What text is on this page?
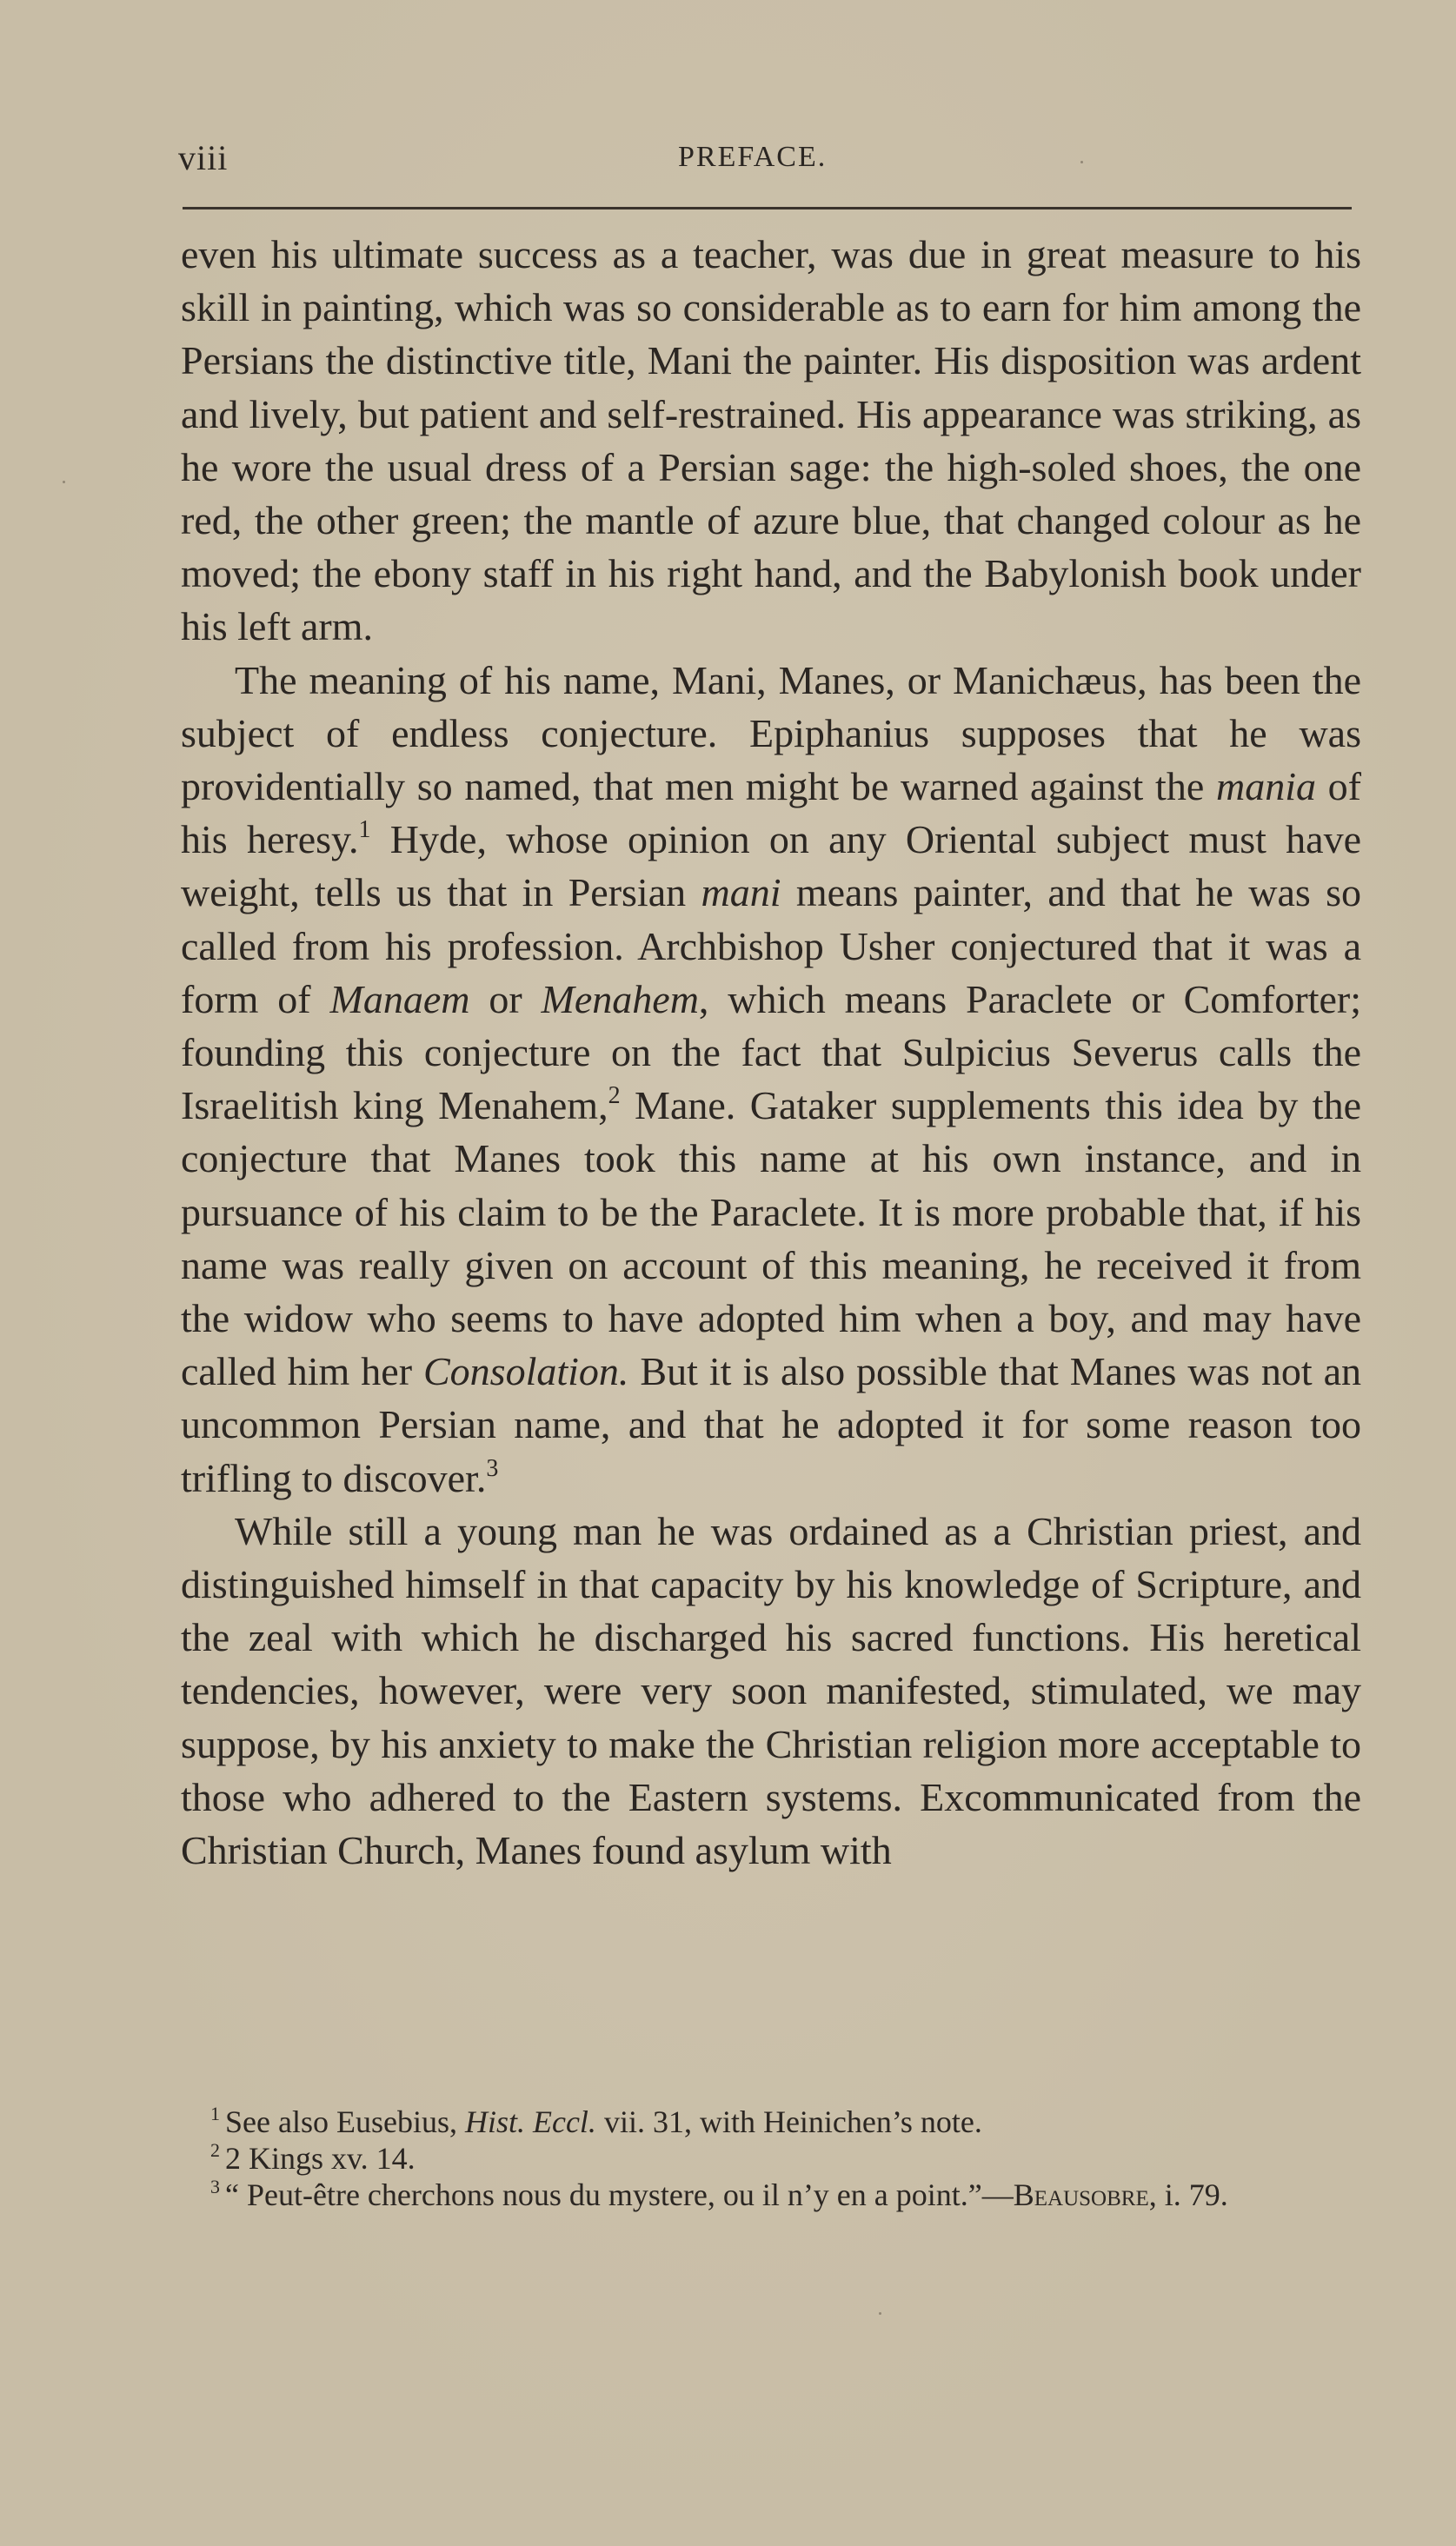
viii	PREFACE.

even his ultimate success as a teacher, was due in great measure to his skill in painting, which was so considerable as to earn for him among the Persians the distinctive title, Mani the painter. His disposition was ardent and lively, but patient and self-restrained. His appearance was striking, as he wore the usual dress of a Persian sage: the high-soled shoes, the one red, the other green; the mantle of azure blue, that changed colour as he moved; the ebony staff in his right hand, and the Babylonish book under his left arm.

The meaning of his name, Mani, Manes, or Manichæus, has been the subject of endless conjecture. Epiphanius supposes that he was providentially so named, that men might be warned against the mania of his heresy.$^1$ Hyde, whose opinion on any Oriental subject must have weight, tells us that in Persian mani means painter, and that he was so called from his profession. Archbishop Usher conjectured that it was a form of Manaem or Menahem, which means Paraclete or Comforter; founding this conjecture on the fact that Sulpicius Severus calls the Israelitish king Menahem,$^2$ Mane. Gataker supplements this idea by the conjecture that Manes took this name at his own instance, and in pursuance of his claim to be the Paraclete. It is more probable that, if his name was really given on account of this meaning, he received it from the widow who seems to have adopted him when a boy, and may have called him her Consolation. But it is also possible that Manes was not an uncommon Persian name, and that he adopted it for some reason too trifling to discover.$^3$

While still a young man he was ordained as a Christian priest, and distinguished himself in that capacity by his knowledge of Scripture, and the zeal with which he discharged his sacred functions. His heretical tendencies, however, were very soon manifested, stimulated, we may suppose, by his anxiety to make the Christian religion more acceptable to those who adhered to the Eastern systems. Excommunicated from the Christian Church, Manes found asylum with

$^1$ See also Eusebius, Hist. Eccl. vii. 31, with Heinichen’s note.

$^2$ 2 Kings xv. 14.

$^3$ “ Peut-être cherchons nous du mystere, ou il n’y en a point.”—Beausobre, i. 79.
